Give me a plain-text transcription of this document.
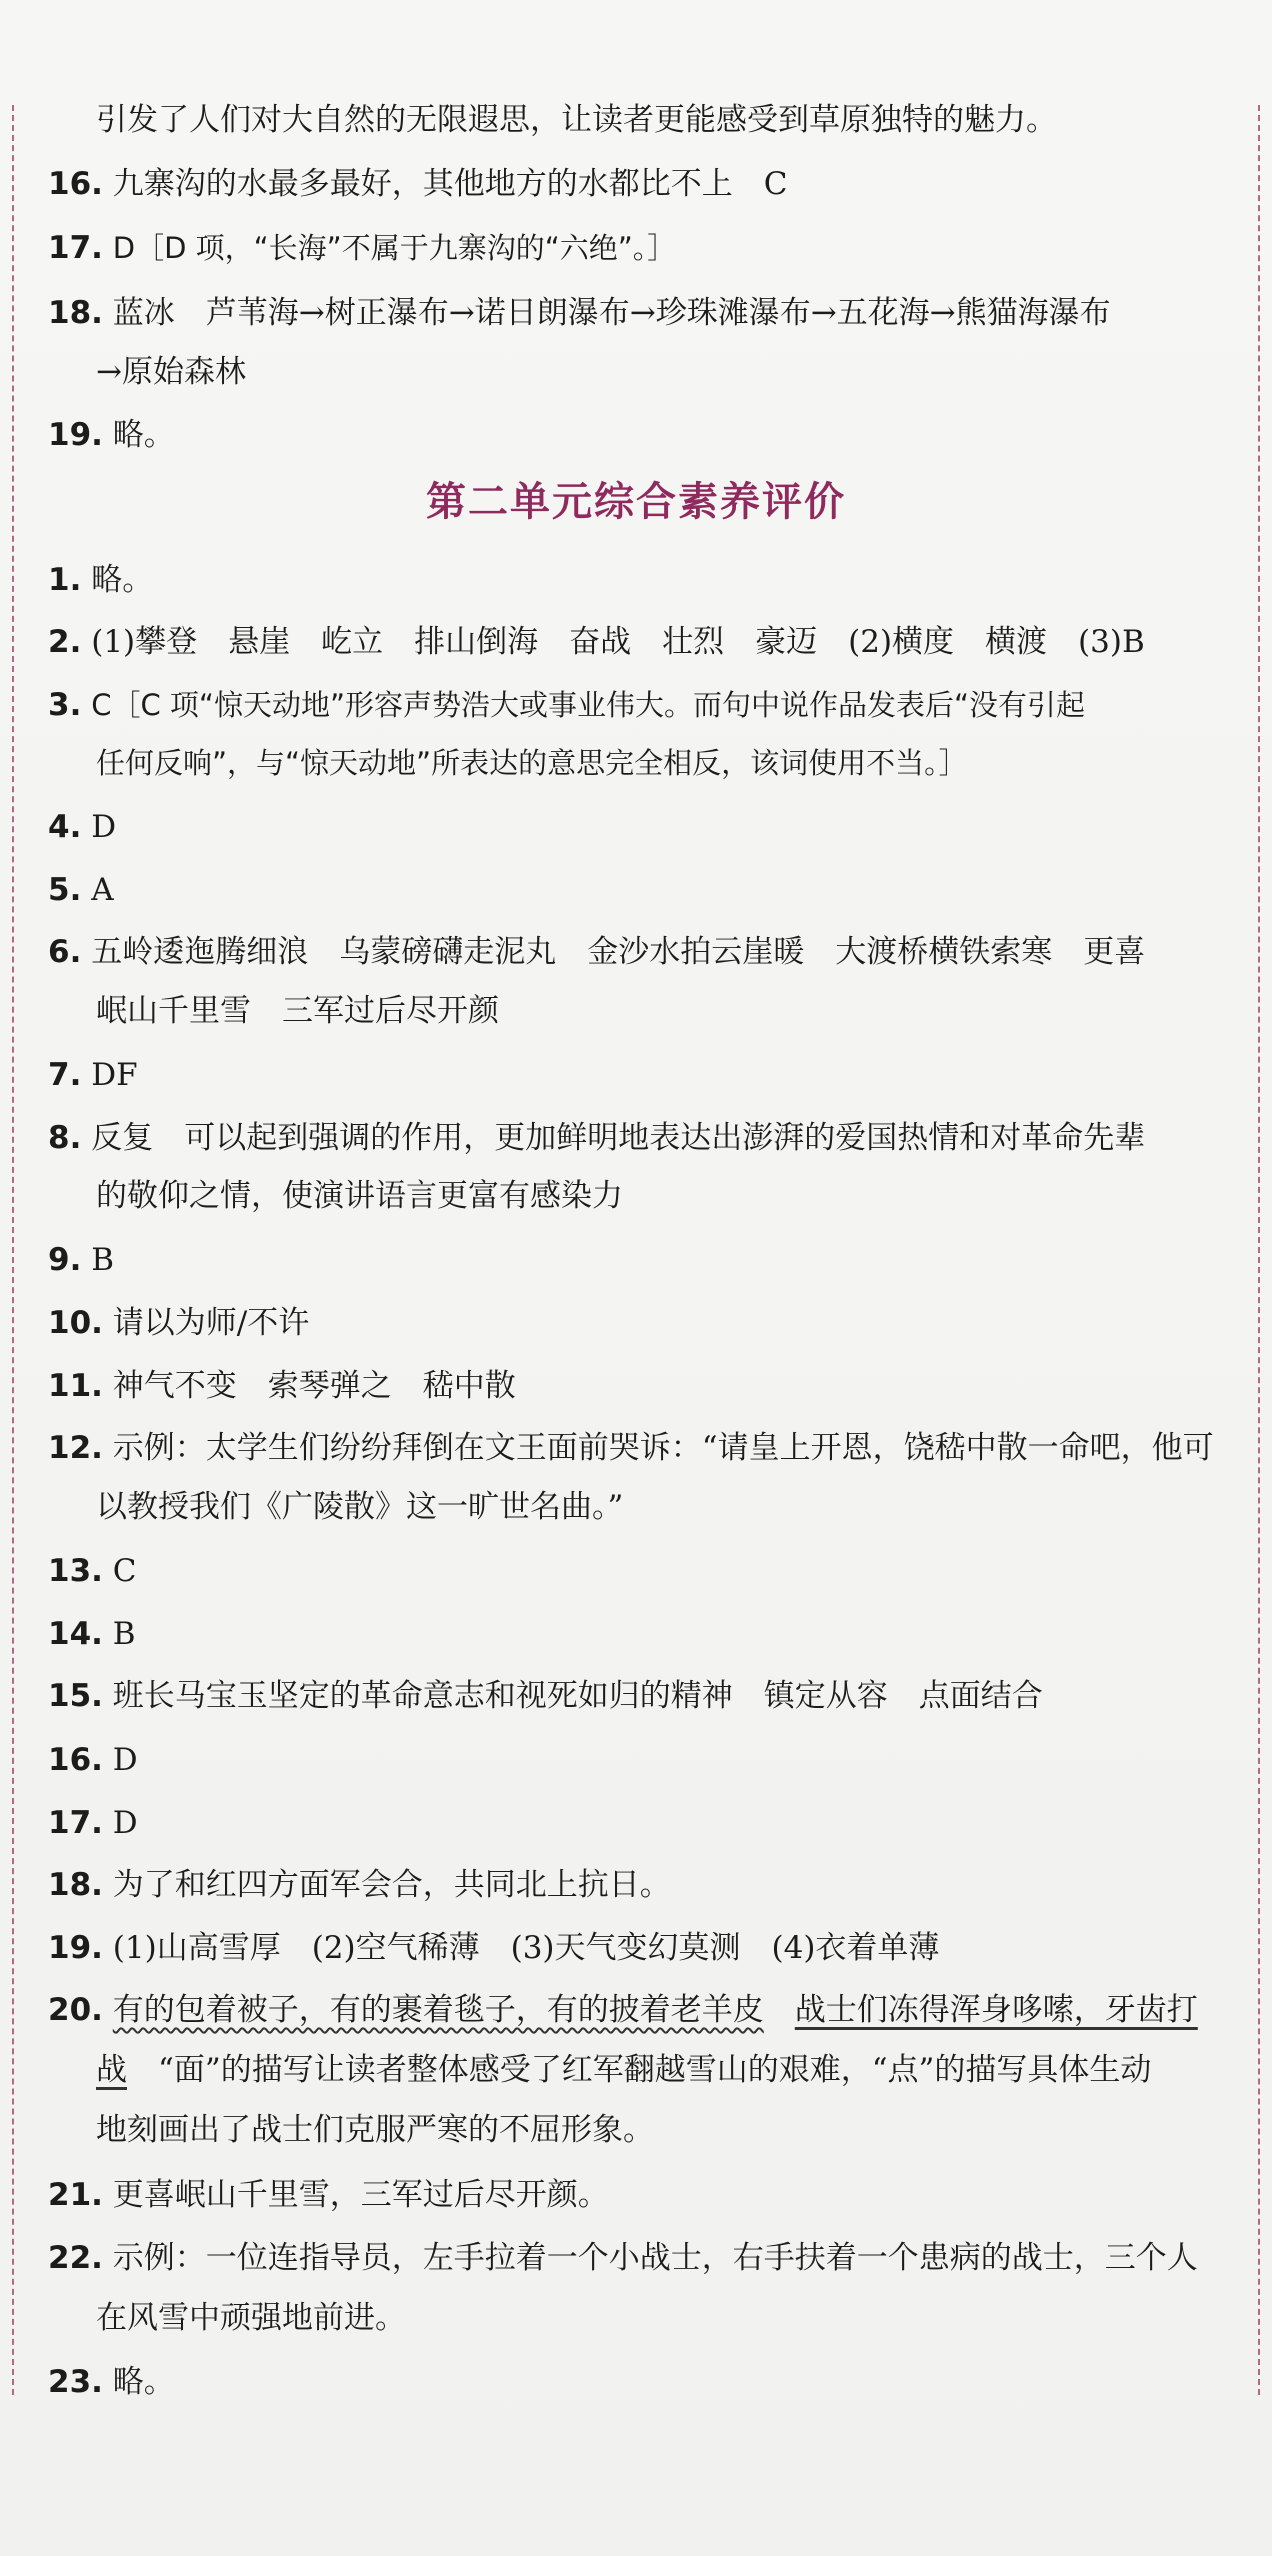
引发了人们对大自然的无限遐思，让读者更能感受到草原独特的魅力。
16. 九寨沟的水最多最好，其他地方的水都比不上　C
17. D［D 项，“长海”不属于九寨沟的“六绝”。］
18. 蓝冰　芦苇海→树正瀑布→诺日朗瀑布→珍珠滩瀑布→五花海→熊猫海瀑布
→原始森林
19. 略。
第二单元综合素养评价
1. 略。
2. (1)攀登　悬崖　屹立　排山倒海　奋战　壮烈　豪迈　(2)横度　横渡　(3)B
3. C［C 项“惊天动地”形容声势浩大或事业伟大。而句中说作品发表后“没有引起
任何反响”，与“惊天动地”所表达的意思完全相反，该词使用不当。］
4. D
5. A
6. 五岭逶迤腾细浪　乌蒙磅礴走泥丸　金沙水拍云崖暖　大渡桥横铁索寒　更喜
岷山千里雪　三军过后尽开颜
7. DF
8. 反复　可以起到强调的作用，更加鲜明地表达出澎湃的爱国热情和对革命先辈
的敬仰之情，使演讲语言更富有感染力
9. B
10. 请以为师/不许
11. 神气不变　索琴弹之　嵇中散
12. 示例：太学生们纷纷拜倒在文王面前哭诉：“请皇上开恩，饶嵇中散一命吧，他可
以教授我们《广陵散》这一旷世名曲。”
13. C
14. B
15. 班长马宝玉坚定的革命意志和视死如归的精神　镇定从容　点面结合
16. D
17. D
18. 为了和红四方面军会合，共同北上抗日。
19. (1)山高雪厚　(2)空气稀薄　(3)天气变幻莫测　(4)衣着单薄
20. 有的包着被子，有的裹着毯子，有的披着老羊皮　 战士们冻得浑身哆嗦，牙齿打
战　“面”的描写让读者整体感受了红军翻越雪山的艰难，“点”的描写具体生动
地刻画出了战士们克服严寒的不屈形象。
21. 更喜岷山千里雪，三军过后尽开颜。
22. 示例：一位连指导员，左手拉着一个小战士，右手扶着一个患病的战士，三个人
在风雪中顽强地前进。
23. 略。
